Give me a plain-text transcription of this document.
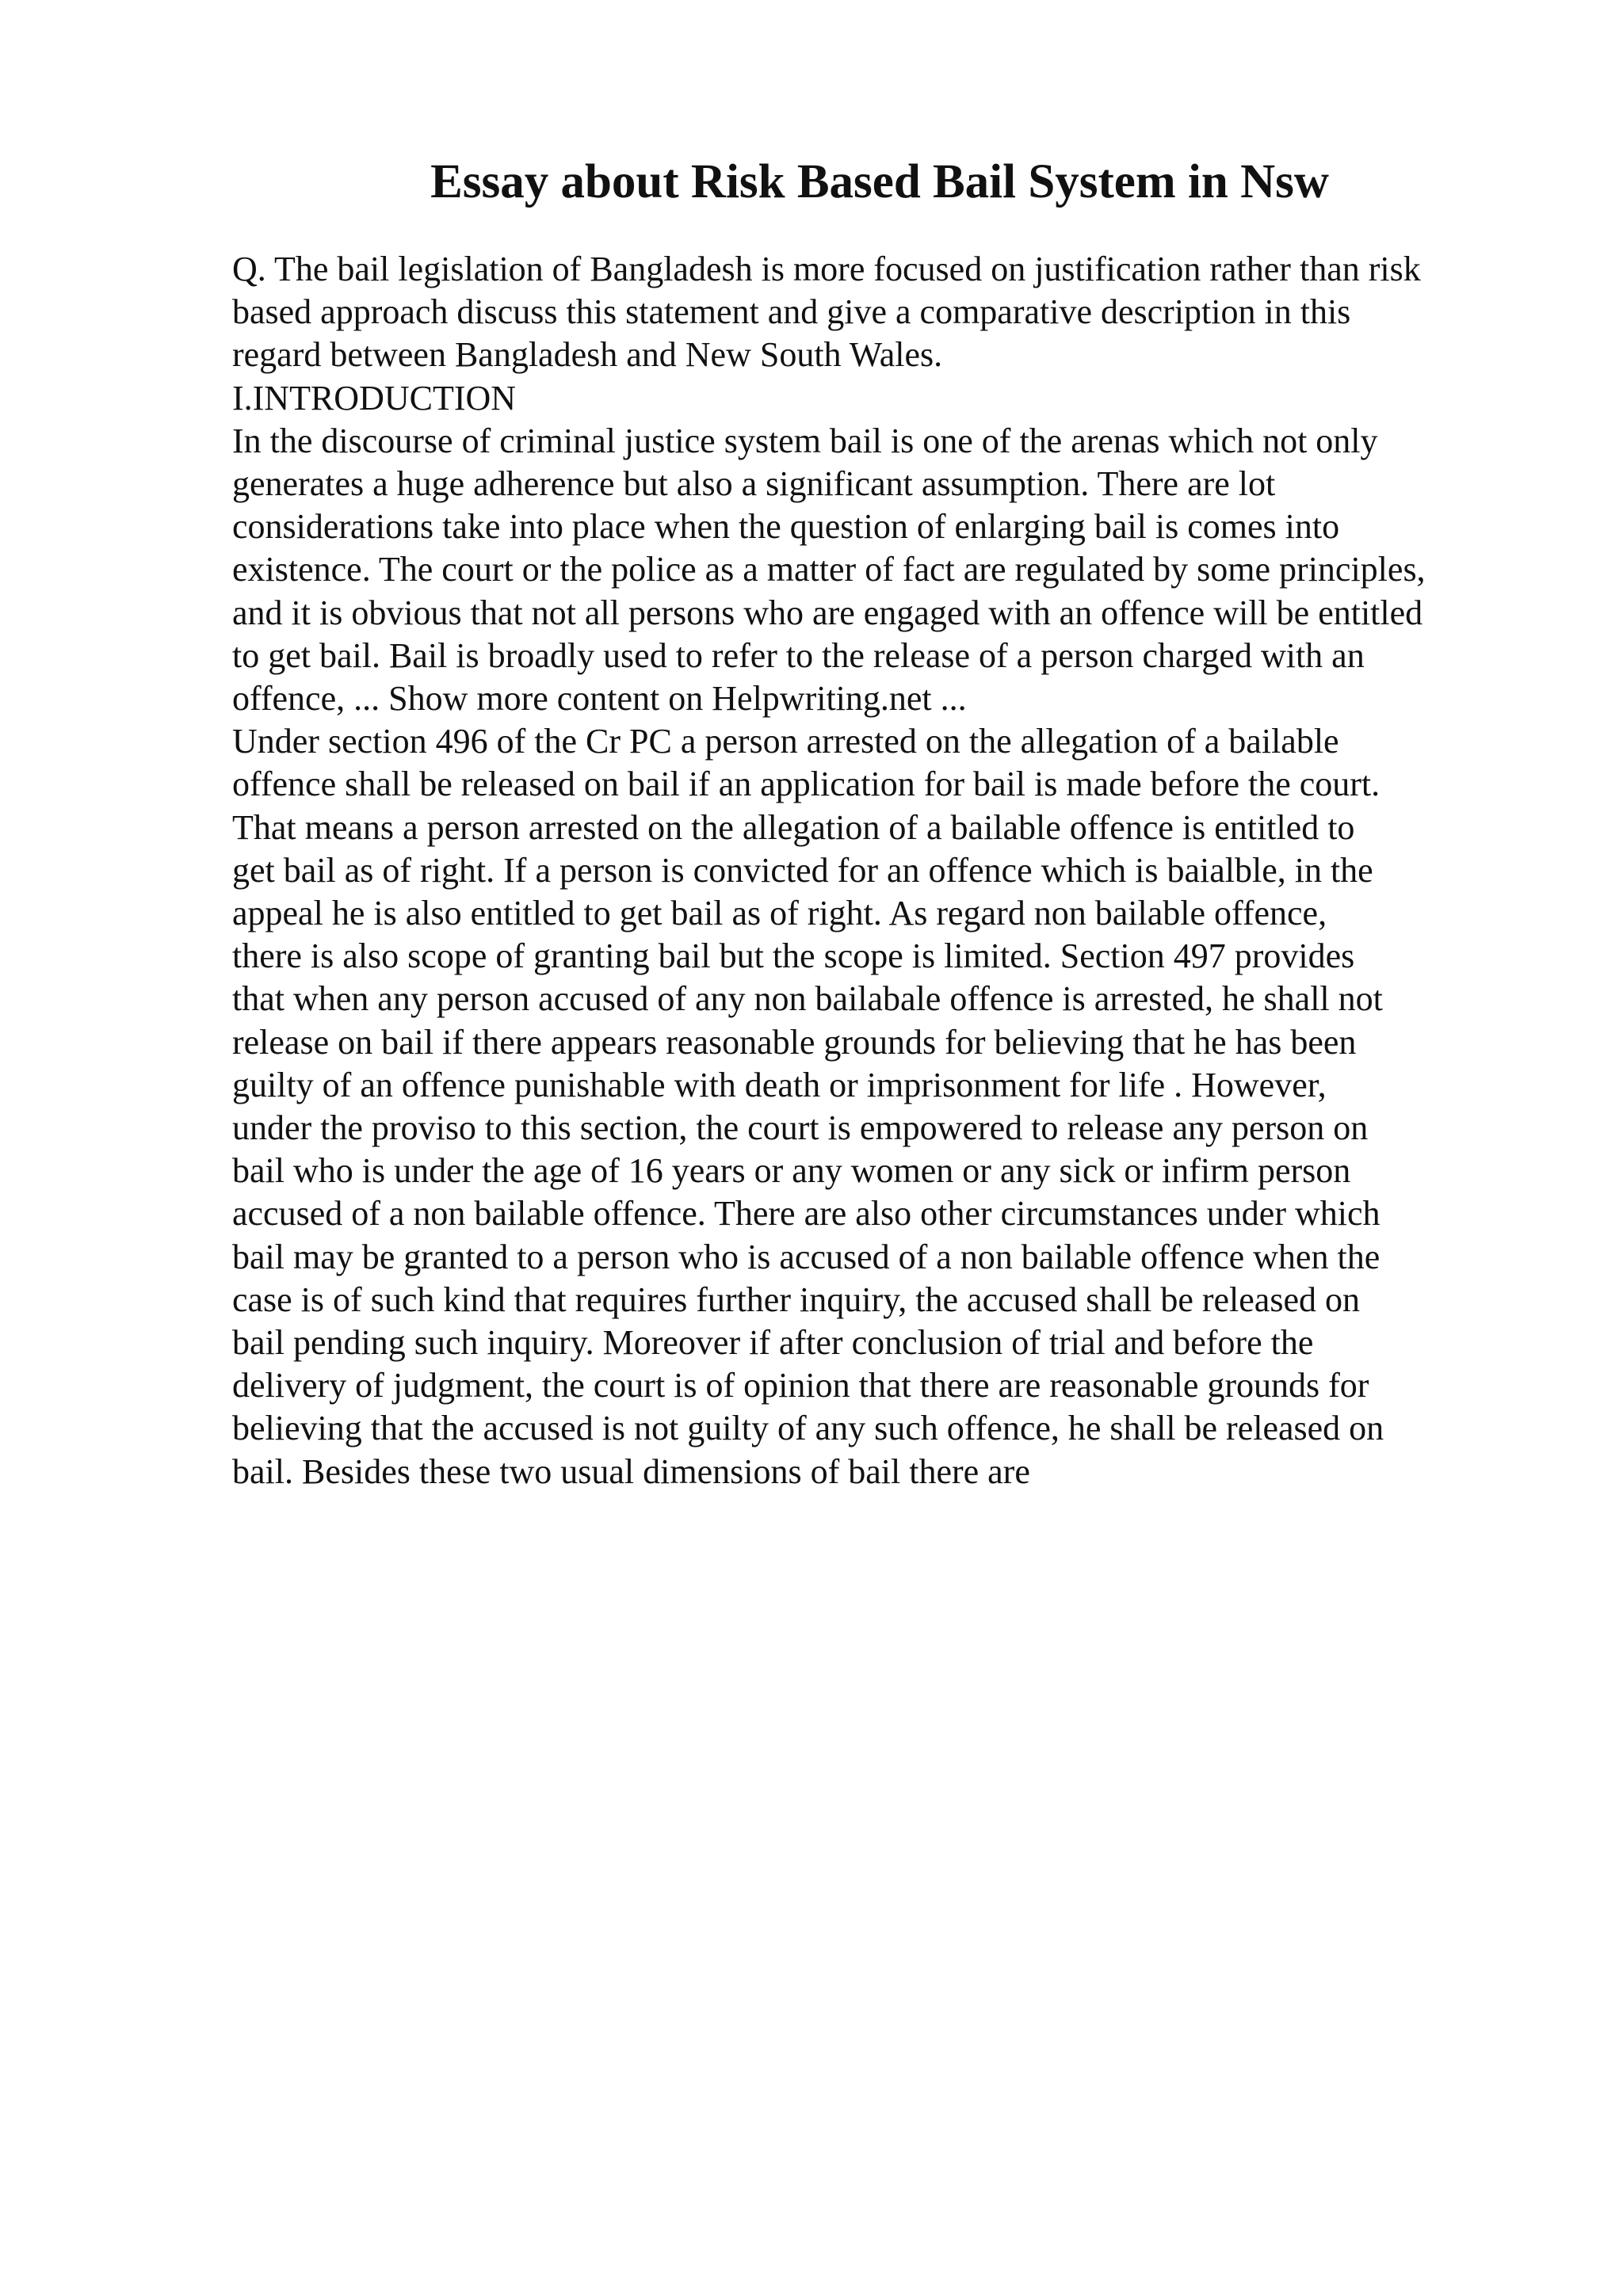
Essay about Risk Based Bail System in Nsw
Q. The bail legislation of Bangladesh is more focused on justification rather than risk
based approach discuss this statement and give a comparative description in this
regard between Bangladesh and New South Wales.
I.INTRODUCTION
In the discourse of criminal justice system bail is one of the arenas which not only
generates a huge adherence but also a significant assumption. There are lot
considerations take into place when the question of enlarging bail is comes into
existence. The court or the police as a matter of fact are regulated by some principles,
and it is obvious that not all persons who are engaged with an offence will be entitled
to get bail. Bail is broadly used to refer to the release of a person charged with an
offence, ... Show more content on Helpwriting.net ...
Under section 496 of the Cr PC a person arrested on the allegation of a bailable
offence shall be released on bail if an application for bail is made before the court.
That means a person arrested on the allegation of a bailable offence is entitled to
get bail as of right. If a person is convicted for an offence which is baialble, in the
appeal he is also entitled to get bail as of right. As regard non bailable offence,
there is also scope of granting bail but the scope is limited. Section 497 provides
that when any person accused of any non bailabale offence is arrested, he shall not
release on bail if there appears reasonable grounds for believing that he has been
guilty of an offence punishable with death or imprisonment for life . However,
under the proviso to this section, the court is empowered to release any person on
bail who is under the age of 16 years or any women or any sick or infirm person
accused of a non bailable offence. There are also other circumstances under which
bail may be granted to a person who is accused of a non bailable offence when the
case is of such kind that requires further inquiry, the accused shall be released on
bail pending such inquiry. Moreover if after conclusion of trial and before the
delivery of judgment, the court is of opinion that there are reasonable grounds for
believing that the accused is not guilty of any such offence, he shall be released on
bail. Besides these two usual dimensions of bail there are
